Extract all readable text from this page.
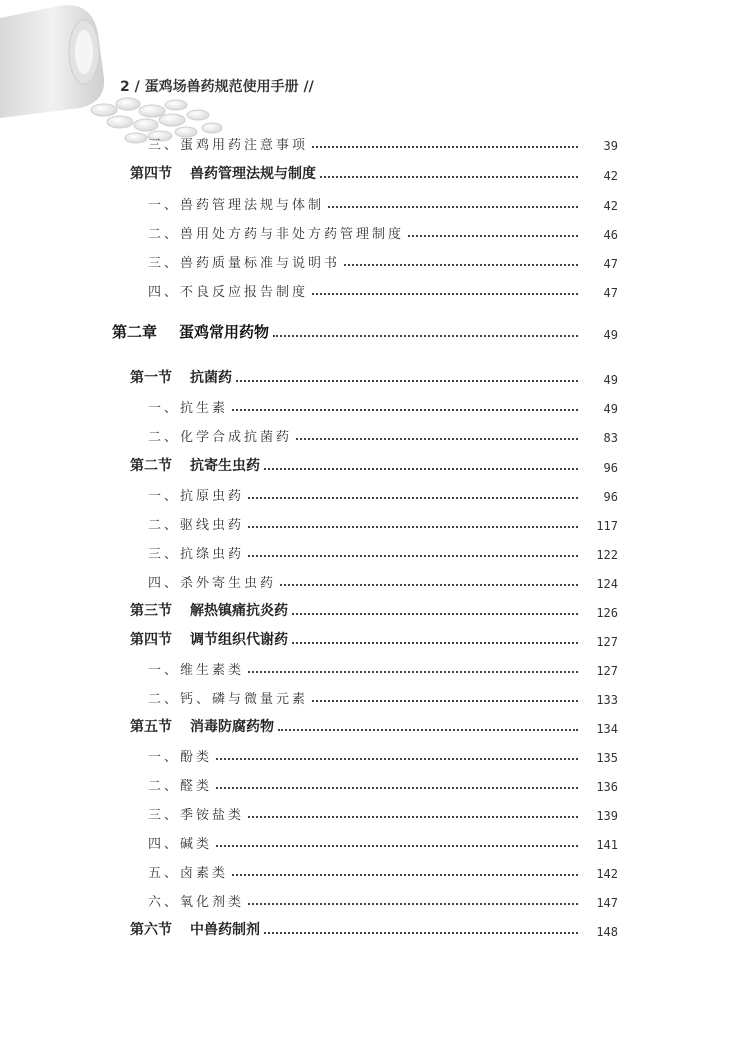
2 / 蛋鸡场兽药规范使用手册 //
三、蛋鸡用药注意事项	39
第四节 兽药管理法规与制度	42
一、兽药管理法规与体制	42
二、兽用处方药与非处方药管理制度	46
三、兽药质量标准与说明书	47
四、不良反应报告制度	47
第二章 蛋鸡常用药物	49
第一节 抗菌药	49
一、抗生素	49
二、化学合成抗菌药	83
第二节 抗寄生虫药	96
一、抗原虫药	96
二、驱线虫药	117
三、抗绦虫药	122
四、杀外寄生虫药	124
第三节 解热镇痛抗炎药	126
第四节 调节组织代谢药	127
一、维生素类	127
二、钙、磷与微量元素	133
第五节 消毒防腐药物	134
一、酚类	135
二、醛类	136
三、季铵盐类	139
四、碱类	141
五、卤素类	142
六、氧化剂类	147
第六节 中兽药制剂	148
